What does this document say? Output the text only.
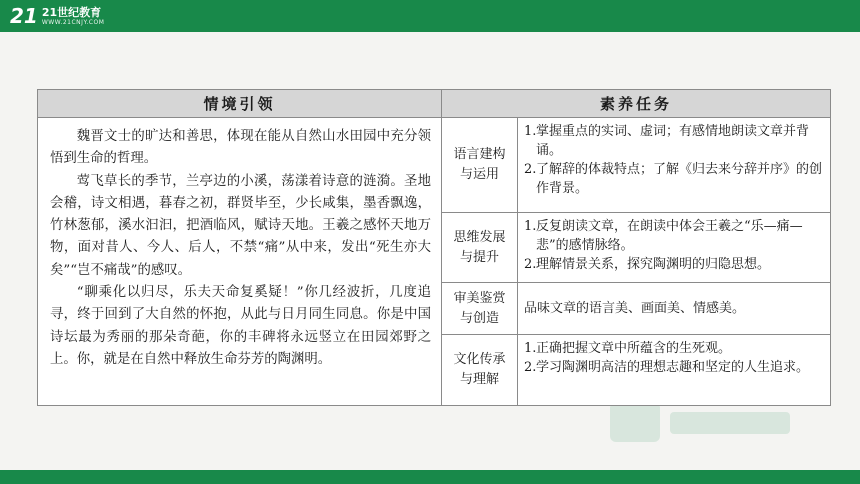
21 21世纪教育
WWW.21CNJY.COM
情境引领	素养任务

魏晋文士的旷达和善思，体现在能从自然山水田园中充分领悟到生命的哲理。

莺飞草长的季节，兰亭边的小溪，荡漾着诗意的涟漪。圣地会稽，诗文相遇，暮春之初，群贤毕至，少长咸集，墨香飘逸，竹林葱郁，溪水汩汩，把酒临风，赋诗天地。王羲之感怀天地万物，面对昔人、今人、后人，不禁“痛”从中来，发出“死生亦大矣”“岂不痛哉”的感叹。

“聊乘化以归尽，乐夫天命复奚疑！”你几经波折，几度追寻，终于回到了大自然的怀抱，从此与日月同生同息。你是中国诗坛最为秀丽的那朵奇葩，你的丰碑将永远竖立在田园郊野之上。你，就是在自然中释放生命芬芳的陶渊明。

语言建构与运用
1. 掌握重点的实词、虚词；有感情地朗读文章并背诵。
2. 了解辞的体裁特点；了解《归去来兮辞并序》的创作背景。
思维发展与提升
1. 反复朗读文章，在朗读中体会王羲之“乐—痛—悲”的感情脉络。
2. 理解情景关系，探究陶渊明的归隐思想。
审美鉴赏与创造
品味文章的语言美、画面美、情感美。
文化传承与理解
1. 正确把握文章中所蕴含的生死观。
2. 学习陶渊明高洁的理想志趣和坚定的人生追求。
